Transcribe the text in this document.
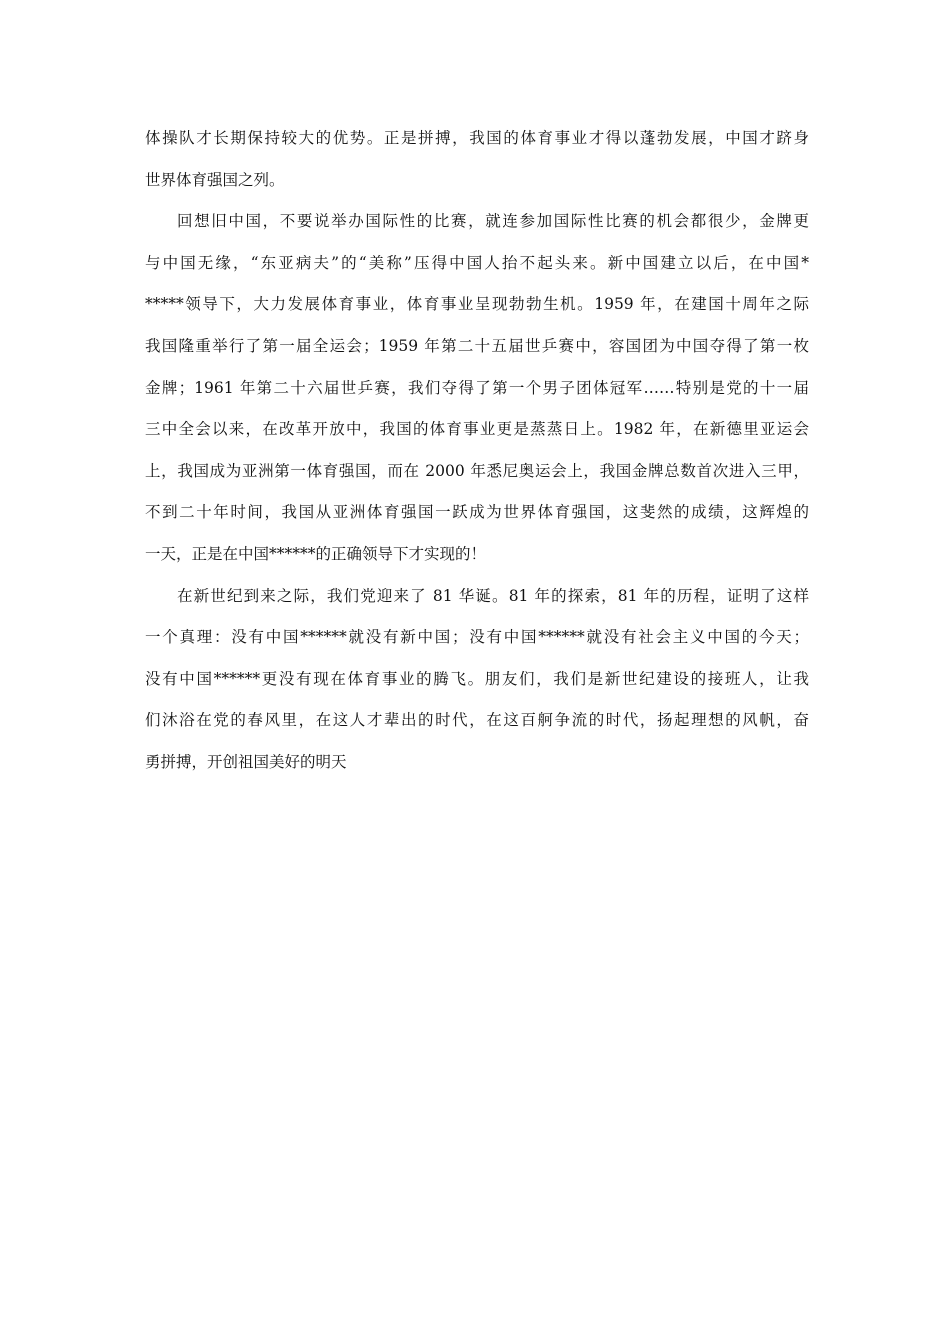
体操队才长期保持较大的优势。正是拼搏，我国的体育事业才得以蓬勃发展，中国才跻身
世界体育强国之列。
回想旧中国，不要说举办国际性的比赛，就连参加国际性比赛的机会都很少，金牌更
与中国无缘，“东亚病夫”的“美称”压得中国人抬不起头来。新中国建立以后，在中国*
*****领导下，大力发展体育事业，体育事业呈现勃勃生机。1959 年，在建国十周年之际
我国隆重举行了第一届全运会；1959 年第二十五届世乒赛中，容国团为中国夺得了第一枚
金牌；1961 年第二十六届世乒赛，我们夺得了第一个男子团体冠军……特别是党的十一届
三中全会以来，在改革开放中，我国的体育事业更是蒸蒸日上。1982 年，在新德里亚运会
上，我国成为亚洲第一体育强国，而在 2000 年悉尼奥运会上，我国金牌总数首次进入三甲，
不到二十年时间，我国从亚洲体育强国一跃成为世界体育强国，这斐然的成绩，这辉煌的
一天，正是在中国******的正确领导下才实现的！
在新世纪到来之际，我们党迎来了 81 华诞。81 年的探索，81 年的历程，证明了这样
一个真理：没有中国******就没有新中国；没有中国******就没有社会主义中国的今天；
没有中国******更没有现在体育事业的腾飞。朋友们，我们是新世纪建设的接班人，让我
们沐浴在党的春风里，在这人才辈出的时代，在这百舸争流的时代，扬起理想的风帆，奋
勇拼搏，开创祖国美好的明天
